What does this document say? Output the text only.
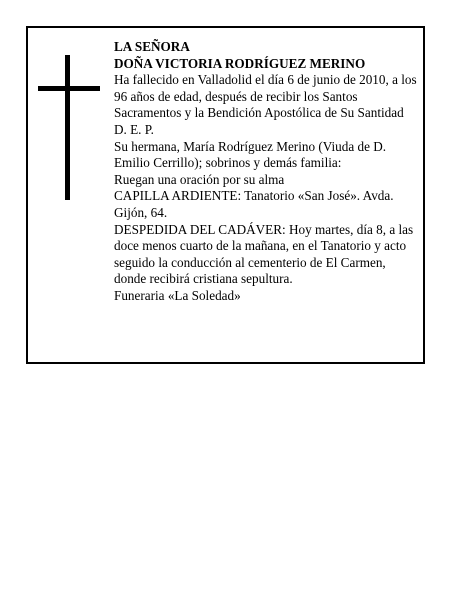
LA SEÑORA

DOÑA VICTORIA RODRÍGUEZ MERINO

Ha fallecido en Valladolid el día 6 de junio de 2010, a los 96 años de edad, después de recibir los Santos Sacramentos y la Bendición Apostólica de Su Santidad D. E. P.

Su hermana, María Rodríguez Merino (Viuda de D. Emilio Cerrillo); sobrinos y demás familia:

Ruegan una oración por su alma

CAPILLA ARDIENTE: Tanatorio «San José». Avda. Gijón, 64.

DESPEDIDA DEL CADÁVER: Hoy martes, día 8, a las doce menos cuarto de la mañana, en el Tanatorio y acto seguido la conducción al cementerio de El Carmen, donde recibirá cristiana sepultura.

Funeraria «La Soledad»
